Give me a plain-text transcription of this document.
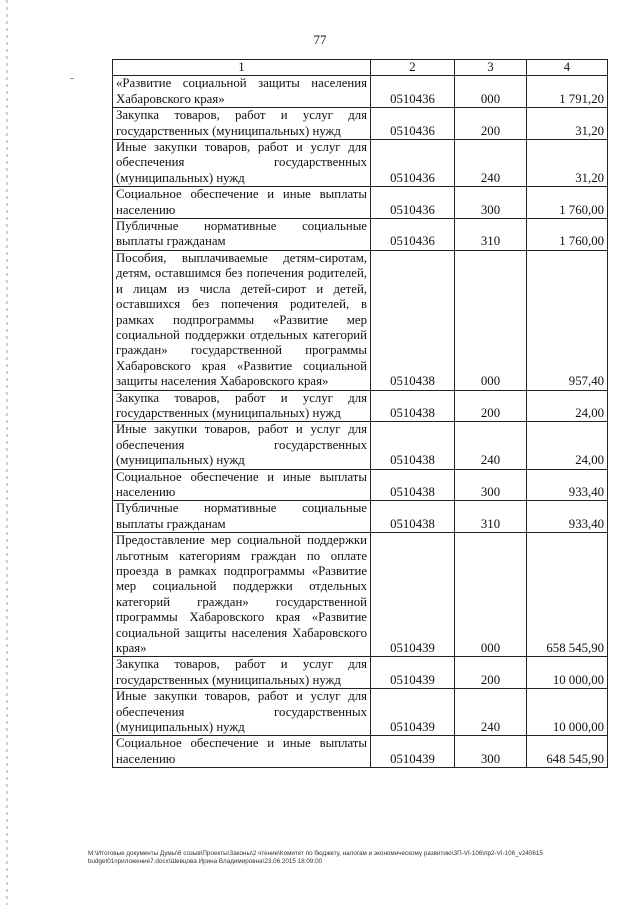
77
1	2	3	4
«Развитие социальной защиты населения Хабаровского края»	0510436	000	1 791,20
Закупка товаров, работ и услуг для государственных (муниципальных) нужд	0510436	200	31,20
Иные закупки товаров, работ и услуг для обеспечения государственных (муниципальных) нужд	0510436	240	31,20
Социальное обеспечение и иные выплаты населению	0510436	300	1 760,00
Публичные нормативные социальные выплаты гражданам	0510436	310	1 760,00
Пособия, выплачиваемые детям-сиротам, детям, оставшимся без попечения родителей, и лицам из числа детей-сирот и детей, оставшихся без попечения родителей, в рамках подпрограммы «Развитие мер социальной поддержки отдельных категорий граждан» государственной программы Хабаровского края «Развитие социальной защиты населения Хабаровского края»	0510438	000	957,40
Закупка товаров, работ и услуг для государственных (муниципальных) нужд	0510438	200	24,00
Иные закупки товаров, работ и услуг для обеспечения государственных (муниципальных) нужд	0510438	240	24,00
Социальное обеспечение и иные выплаты населению	0510438	300	933,40
Публичные нормативные социальные выплаты гражданам	0510438	310	933,40
Предоставление мер социальной поддержки льготным категориям граждан по оплате проезда в рамках подпрограммы «Развитие мер социальной поддержки отдельных категорий граждан» государственной программы Хабаровского края «Развитие социальной защиты населения Хабаровского края»	0510439	000	658 545,90
Закупка товаров, работ и услуг для государственных (муниципальных) нужд	0510439	200	10 000,00
Иные закупки товаров, работ и услуг для обеспечения государственных (муниципальных) нужд	0510439	240	10 000,00
Социальное обеспечение и иные выплаты населению	0510439	300	648 545,90
M:\Итоговые документы Думы\6 созыв\Проекты\Законы\2 чтение\Комитет по бюджету, налогам и экономическому развитию\ЗП-VI-106\пр2-VI-106_v240615 budget01приложение7.docx\Шевцова Ирина Владимировна\23.06.2015 18:09:00
